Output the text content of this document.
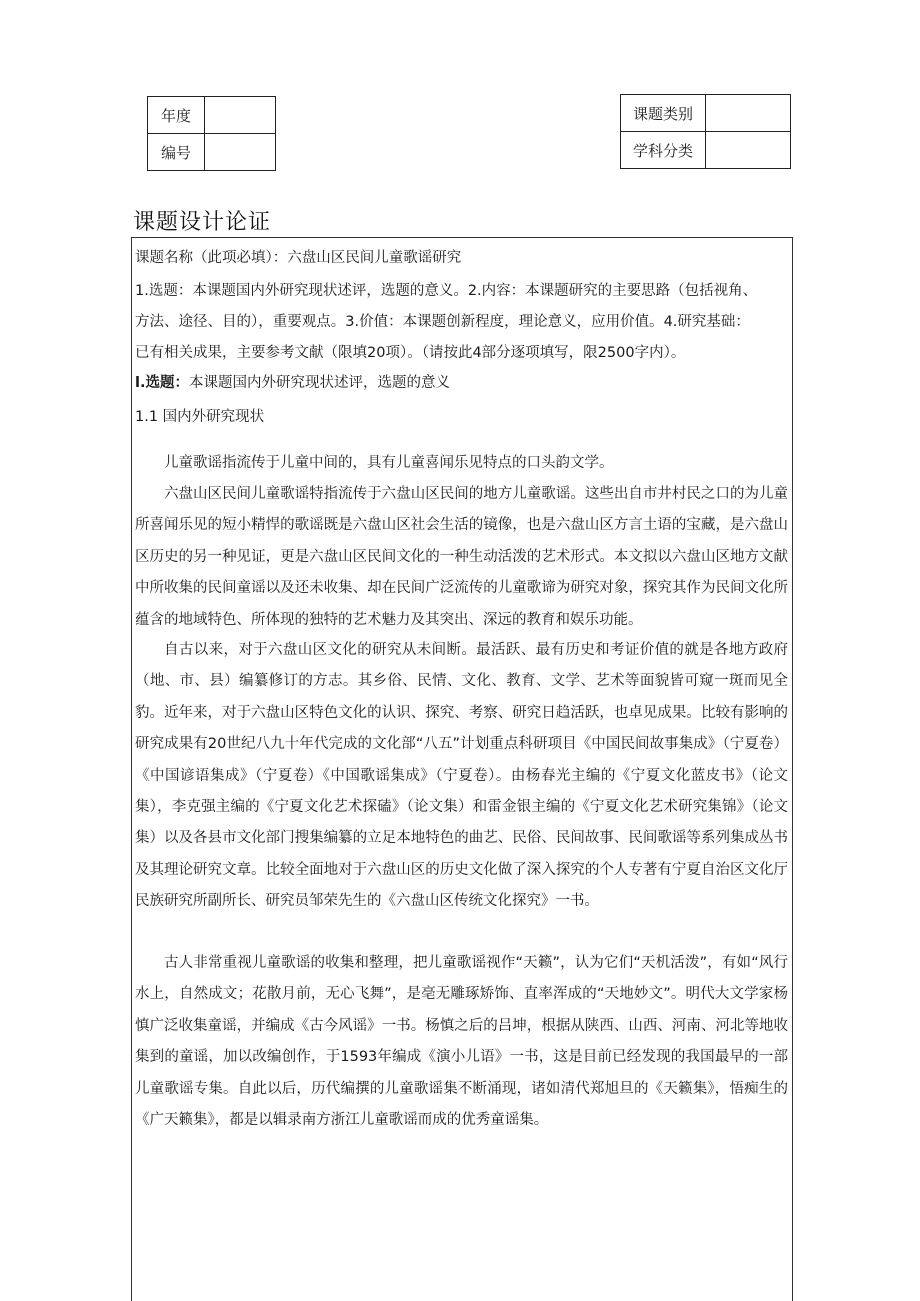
年度	
编号	
课题类别	
学科分类	
课题设计论证
课题名称（此项必填）：六盘山区民间儿童歌谣研究
1.选题：本课题国内外研究现状述评，选题的意义。2.内容：本课题研究的主要思路（包括视角、
方法、途径、目的），重要观点。3.价值：本课题创新程度，理论意义，应用价值。4.研究基础：
已有相关成果，主要参考文献（限填20项）。（请按此4部分逐项填写，限2500字内）。
l.选题：本课题国内外研究现状述评，选题的意义
1.1 国内外研究现状

儿童歌谣指流传于儿童中间的，具有儿童喜闻乐见特点的口头韵文学。

六盘山区民间儿童歌谣特指流传于六盘山区民间的地方儿童歌谣。这些出自市井村民之口的为儿童所喜闻乐见的短小精悍的歌谣既是六盘山区社会生活的镜像，也是六盘山区方言土语的宝藏，是六盘山区历史的另一种见证，更是六盘山区民间文化的一种生动活泼的艺术形式。本文拟以六盘山区地方文献中所收集的民间童谣以及还未收集、却在民间广泛流传的儿童歌谛为研究对象，探究其作为民间文化所蕴含的地域特色、所体现的独特的艺术魅力及其突出、深远的教育和娱乐功能。

自古以来，对于六盘山区文化的研究从未间断。最活跃、最有历史和考证价值的就是各地方政府（地、市、县）编纂修订的方志。其乡俗、民情、文化、教育、文学、艺术等面貌皆可窥一斑而见全豹。近年来，对于六盘山区特色文化的认识、探究、考察、研究日趋活跃，也卓见成果。比较有影响的研究成果有20世纪八九十年代完成的文化部“八五”计划重点科研项目《中国民间故事集成》（宁夏卷）《中国谚语集成》（宁夏卷）《中国歌谣集成》（宁夏卷）。由杨春光主编的《宁夏文化蓝皮书》（论文集），李克强主编的《宁夏文化艺术探磕》（论文集）和雷金银主编的《宁夏文化艺术研究集锦》（论文集）以及各县市文化部门搜集编纂的立足本地特色的曲艺、民俗、民间故事、民间歌谣等系列集成丛书及其理论研究文章。比较全面地对于六盘山区的历史文化做了深入探究的个人专著有宁夏自治区文化厅民族研究所副所长、研究员邹荣先生的《六盘山区传统文化探究》一书。

古人非常重视儿童歌谣的收集和整理，把儿童歌谣视作“天籁”，认为它们“天机活泼”，有如“风行水上，自然成文；花散月前，无心飞舞”，是亳无雕琢矫饰、直率浑成的“天地妙文”。明代大文学家杨慎广泛收集童谣，并编成《古今风谣》一书。杨慎之后的吕坤，根据从陕西、山西、河南、河北等地收集到的童谣，加以改编创作，于1593年编成《演小儿语》一书，这是目前已经发现的我国最早的一部儿童歌谣专集。自此以后，历代编撰的儿童歌谣集不断涌现，诸如清代郑旭旦的《天籁集》，悟痴生的《广天籁集》，都是以辑录南方浙江儿童歌谣而成的优秀童谣集。
